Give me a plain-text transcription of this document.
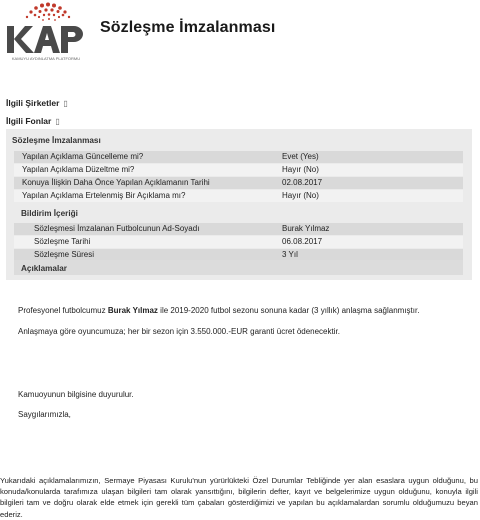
KAMUYU AYDINLATMA PLATFORMU
Sözleşme İmzalanması
İlgili Şirketler ▯
İlgili Fonlar ▯
Sözleşme İmzalanması
Yapılan Açıklama Güncelleme mi?	Evet (Yes)
Yapılan Açıklama Düzeltme mi?	Hayır (No)
Konuya İlişkin Daha Önce Yapılan Açıklamanın Tarihi	02.08.2017
Yapılan Açıklama Ertelenmiş Bir Açıklama mı?	Hayır (No)
Bildirim İçeriği
Sözleşmesi İmzalanan Futbolcunun Ad-Soyadı	Burak Yılmaz
Sözleşme Tarihi	06.08.2017
Sözleşme Süresi	3 Yıl
Açıklamalar
Profesyonel futbolcumuz Burak Yılmaz ile 2019-2020 futbol sezonu sonuna kadar (3 yıllık) anlaşma sağlanmıştır.
Anlaşmaya göre oyuncumuza; her bir sezon için 3.550.000.-EUR garanti ücret ödenecektir.
Kamuoyunun bilgisine duyurulur.
Saygılarımızla,
Yukarıdaki açıklamalarımızın, Sermaye Piyasası Kurulu'nun yürürlükteki Özel Durumlar Tebliğinde yer alan esaslara uygun olduğunu, bu konuda/konularda tarafımıza ulaşan bilgileri tam olarak yansıttığını, bilgilerin defter, kayıt ve belgelerimize uygun olduğunu, konuyla ilgili bilgileri tam ve doğru olarak elde etmek için gerekli tüm çabaları gösterdiğimizi ve yapılan bu açıklamalardan sorumlu olduğumuzu beyan ederiz.
